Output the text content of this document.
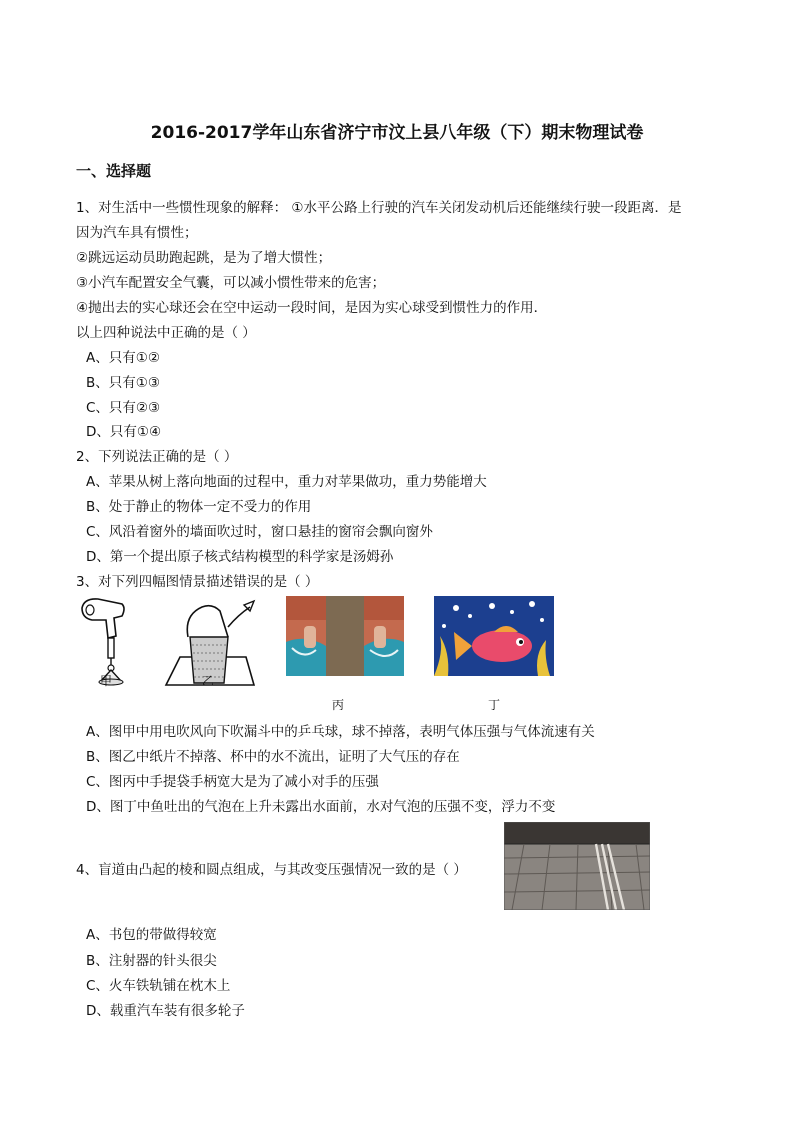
2016-2017学年山东省济宁市汶上县八年级（下）期末物理试卷
一、选择题
1、对生活中一些惯性现象的解释： ①水平公路上行驶的汽车关闭发动机后还能继续行驶一段距离．是
因为汽车具有惯性；
②跳远运动员助跑起跳，是为了增大惯性；
③小汽车配置安全气囊，可以减小惯性带来的危害；
④抛出去的实心球还会在空中运动一段时间，是因为实心球受到惯性力的作用．
以上四种说法中正确的是（ ）
A、只有①②
B、只有①③
C、只有②③
D、只有①④
2、下列说法正确的是（ ）
A、苹果从树上落向地面的过程中，重力对苹果做功，重力势能增大
B、处于静止的物体一定不受力的作用
C、风沿着窗外的墙面吹过时，窗口悬挂的窗帘会飘向窗外
D、第一个提出原子核式结构模型的科学家是汤姆孙
3、对下列四幅图情景描述错误的是（ ）
甲	乙
丙	丁
A、图甲中用电吹风向下吹漏斗中的乒乓球，球不掉落，表明气体压强与气体流速有关
B、图乙中纸片不掉落、杯中的水不流出，证明了大气压的存在
C、图丙中手提袋手柄宽大是为了减小对手的压强
D、图丁中鱼吐出的气泡在上升未露出水面前，水对气泡的压强不变，浮力不变
4、盲道由凸起的棱和圆点组成，与其改变压强情况一致的是（ ）
A、书包的带做得较宽
B、注射器的针头很尖
C、火车铁轨铺在枕木上
D、载重汽车装有很多轮子
